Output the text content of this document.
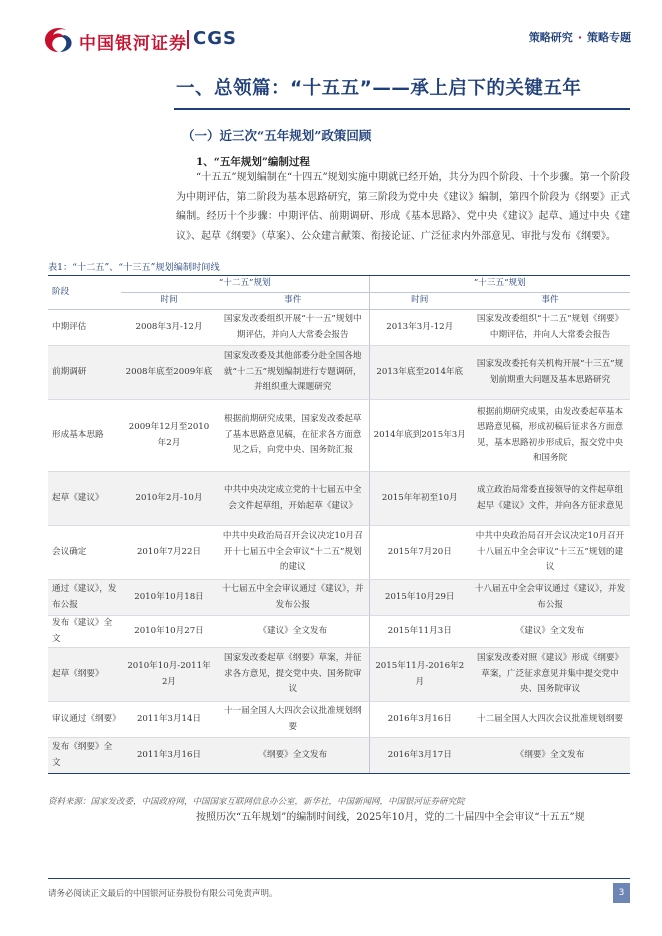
中国银河证券 CGS	策略研究 · 策略专题
一、总领篇：“十五五”——承上启下的关键五年
（一）近三次“五年规划”政策回顾
1、“五年规划”编制过程

“十五五”规划编制在“十四五”规划实施中期就已经开始，共分为四个阶段、十个步骤。第一个阶段为中期评估，第二阶段为基本思路研究，第三阶段为党中央《建议》编制，第四个阶段为《纲要》正式编制。经历十个步骤：中期评估、前期调研、形成《基本思路》、党中央《建议》起草、通过中央《建议》、起草《纲要》（草案）、公众建言献策、衔接论证、广泛征求内外部意见、审批与发布《纲要》。

表1：“十二五”、“十三五”规划编制时间线
阶段	“十二五”规划		”十三五“规划	
	时间	事件	时间	事件
中期评估	2008年3月-12月	国家发改委组织开展“十一五”规划中期评估，并向人大常委会报告	2013年3月-12月	国家发改委组织“十二五”规划《纲要》中期评估，并向人大常委会报告
前期调研	2008年底至2009年底	国家发改委及其他部委分赴全国各地就“十二五”规划编制进行专题调研，并组织重大课题研究	2013年底至2014年底	国家发改委托有关机构开展“十三五”规划前期重大问题及基本思路研究
形成基本思路	2009年12月至2010年2月	根据前期研究成果，国家发改委起草了基本思路意见稿，在征求各方面意见之后，向党中央、国务院汇报	2014年底到2015年3月	根据前期研究成果，由发改委起草基本思路意见稿，形成初稿后征求各方面意见，基本思路初步形成后，报交党中央和国务院
起草《建议》	2010年2月-10月	中共中央决定成立党的十七届五中全会文件起草组，开始起草《建议》	2015年年初至10月	成立政治局常委直接领导的文件起草组起早《建议》文件，并向各方征求意见
会议确定	2010年7月22日	中共中央政治局召开会议决定10月召开十七届五中全会审议“十二五”规划的建议	2015年7月20日	中共中央政治局召开会议决定10月召开十八届五中全会审议“十三五”规划的建议
通过《建议》，发布公报	2010年10月18日	十七届五中全会审议通过《建议》，并发布公报	2015年10月29日	十八届五中全会审议通过《建议》，并发布公报
发布《建议》全文	2010年10月27日	《建议》全文发布	2015年11月3日	《建议》全文发布
起草《纲要》	2010年10月-2011年2月	国家发改委起草《纲要》草案，并征求各方意见，提交党中央、国务院审议	2015年11月-2016年2月	国家发改委对照《建议》形成《纲要》草案，广泛征求意见并集中提交党中央、国务院审议
审议通过《纲要》	2011年3月14日	十一届全国人大四次会议批准规划纲要	2016年3月16日	十二届全国人大四次会议批准规划纲要
发布《纲要》全文	2011年3月16日	《纲要》全文发布	2016年3月17日	《纲要》全文发布
资料来源：国家发改委，中国政府网，中国国家互联网信息办公室，新华社，中国新闻网，中国银河证券研究院
按照历次“五年规划”的编制时间线，2025年10月，党的二十届四中全会审议“十五五”规
请务必阅读正文最后的中国银河证券股份有限公司免责声明。	3
